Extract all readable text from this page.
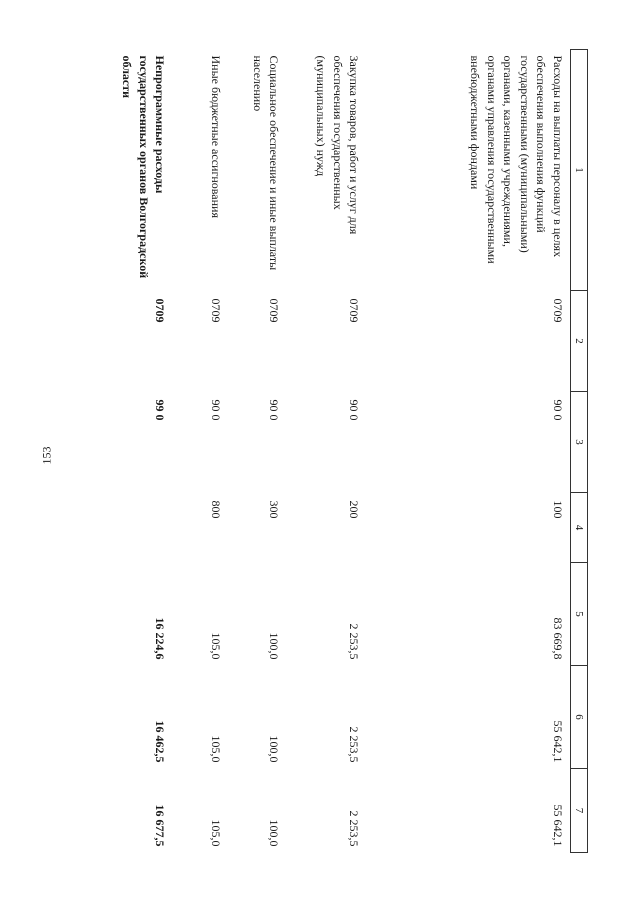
153
1	2	3	4	5	6	7
Расходы на выплаты персоналу в целях обеспечения выполнения функций государственными (муниципальными) органами, казенными учреждениями, органами управления государственными внебюджетными фондами	0709	90 0	100	83 669,8	55 642,1	55 642,1
Закупка товаров, работ и услуг для обеспечения государственных (муниципальных) нужд	0709	90 0	200	2 253,5	2 253,5	2 253,5
Социальное обеспечение и иные выплаты населению	0709	90 0	300	100,0	100,0	100,0
Иные бюджетные ассигнования	0709	90 0	800	105,0	105,0	105,0
Непрограммные расходы государственных органов Волгоградской области	0709	99 0		16 224,6	16 462,5	16 677,5
